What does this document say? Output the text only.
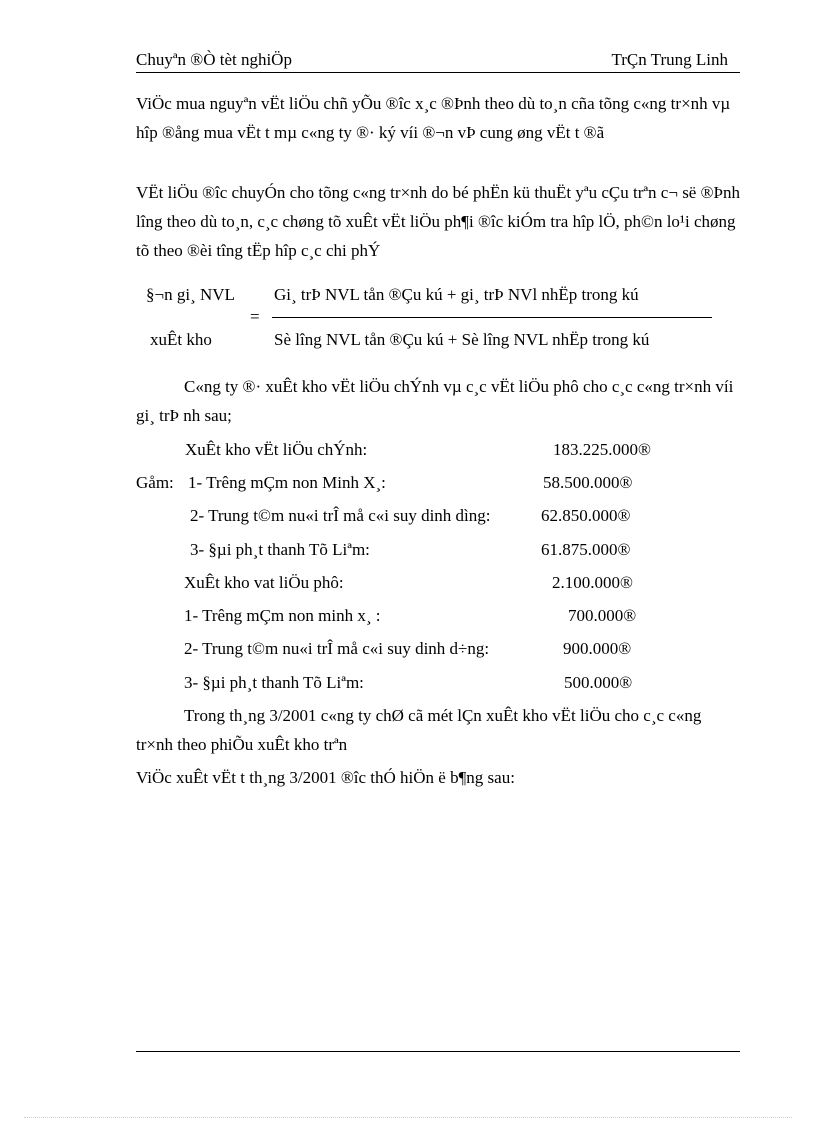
Chuyªn ®Ò tèt nghiÖp	TrÇn Trung Linh
ViÖc mua nguyªn vËt liÖu chñ yÕu ®îc x¸c ®Þnh theo dù to¸n cña tõng c«ng tr×nh vµ hîp ®ång mua vËt t mµ c«ng ty ®· ký víi ®¬n vÞ cung øng vËt t ®ã
VËt liÖu ®îc chuyÓn cho tõng c«ng tr×nh do bé phËn kü thuËt yªu cÇu trªn c¬ së ®Þnh lîng theo dù to¸n, c¸c chøng tõ xuÊt vËt liÖu ph¶i ®îc kiÓm tra hîp lÖ, ph©n lo¹i chøng tõ theo ®èi tîng tËp hîp c¸c chi phÝ
§¬n gi¸ NVL
xuÊt kho
=
Gi¸ trÞ NVL tån ®Çu kú + gi¸ trÞ NVl nhËp trong kú
Sè lîng NVL tån ®Çu kú + Sè lîng NVL nhËp trong kú
C«ng ty ®· xuÊt kho vËt liÖu chÝnh vµ c¸c vËt liÖu phô cho c¸c c«ng tr×nh víi gi¸ trÞ nh sau;
XuÊt kho vËt liÖu chÝnh:	183.225.000®
Gåm: 1- Trêng mÇm non Minh X¸:	58.500.000®
2- Trung t©m nu«i trÎ må c«i suy dinh dìng:	62.850.000®
3- §µi ph¸t thanh Tõ Liªm:	61.875.000®
XuÊt kho vat liÖu phô:	2.100.000®
1- Trêng mÇm non minh x¸ :	700.000®
2- Trung t©m nu«i trÎ må c«i suy dinh d÷ng:	900.000®
3- §µi ph¸t thanh Tõ Liªm:	500.000®
Trong th¸ng 3/2001 c«ng ty chØ cã mét lÇn xuÊt kho vËt liÖu cho c¸c c«ng tr×nh theo phiÕu xuÊt kho trªn
ViÖc xuÊt vËt t th¸ng 3/2001 ®îc thÓ hiÖn ë b¶ng sau:
